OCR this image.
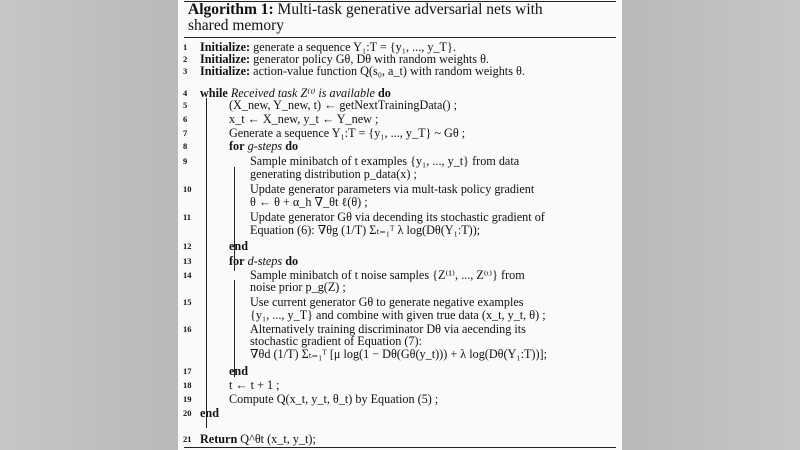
Algorithm 1: Multi-task generative adversarial nets with
shared memory
1	Initialize: generate a sequence Y₁:T = {y₁, ..., y_T}.
2	Initialize: generator policy Gθ, Dθ with random weights θ.
3	Initialize: action-value function Q(s₀, a_t) with random weights θ.
4	while Received task Z⁽ᵗ⁾ is available do
5	(X_new, Y_new, t) ← getNextTrainingData() ;
6	x_t ← X_new, y_t ← Y_new ;
7	Generate a sequence Y₁:T = {y₁, ..., y_T} ~ Gθ ;
8	for g-steps do
9	Sample minibatch of t examples {y₁, ..., y_t} from data
generating distribution p_data(x) ;
10	Update generator parameters via mult-task policy gradient
θ ← θ + α_h ∇_θt ℓ(θ) ;
11	Update generator Gθ via decending its stochastic gradient of
Equation (6): ∇θg (1/T) Σₜ₌₁ᵀ λ log(Dθ(Y₁:T));
12	end
13	for d-steps do
14	Sample minibatch of t noise samples {Z⁽¹⁾, ..., Z⁽ᵗ⁾} from
noise prior p_g(Z) ;
15	Use current generator Gθ to generate negative examples
{y₁, ..., y_T} and combine with given true data (x_t, y_t, θ) ;
16	Alternatively training discriminator Dθ via aecending its
stochastic gradient of Equation (7):
∇θd (1/T) Σₜ₌₁ᵀ [μ log(1 − Dθ(Gθ(y_t))) + λ log(Dθ(Y₁:T))];
17	end
18	t ← t + 1 ;
19	Compute Q(x_t, y_t, θ_t) by Equation (5) ;
20 end
21 Return Q^θt (x_t, y_t);
